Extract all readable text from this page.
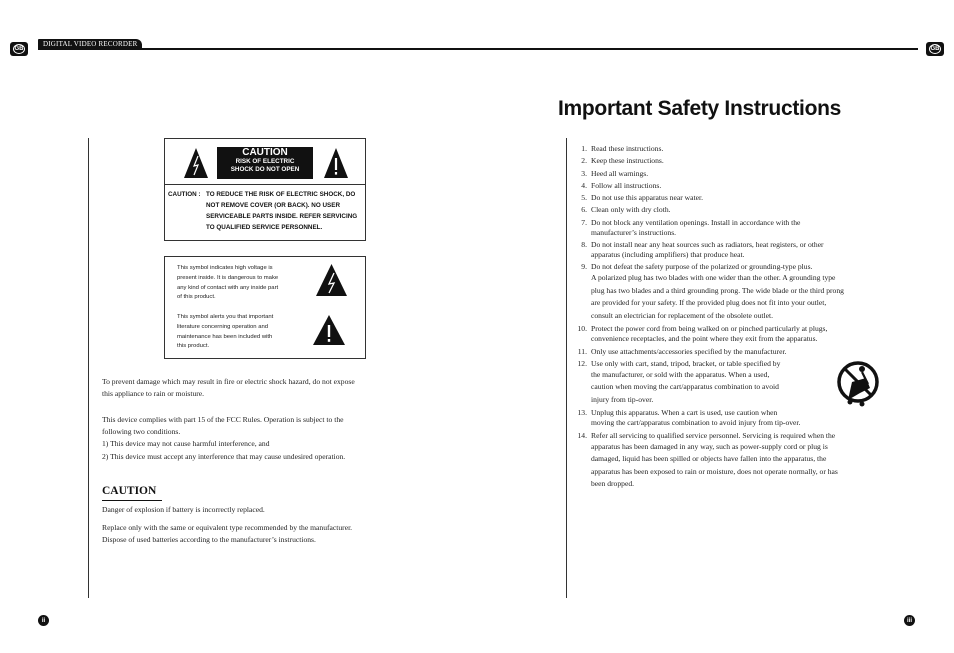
GB	GB
DIGITAL VIDEO RECORDER
CAUTION
RISK OF ELECTRIC
SHOCK DO NOT OPEN
CAUTION : TO REDUCE THE RISK OF ELECTRIC SHOCK, DO
NOT REMOVE COVER (OR BACK). NO USER
SERVICEABLE PARTS INSIDE. REFER SERVICING
TO QUALIFIED SERVICE PERSONNEL.
This symbol indicates high voltage is
present inside. It is dangerous to make
any kind of contact with any inside part
of this product.
This symbol alerts you that important
literature concerning operation and
maintenance has been included with
this product.
To prevent damage which may result in fire or electric shock hazard, do not expose
this appliance to rain or moisture.
This device complies with part 15 of the FCC Rules. Operation is subject to the
following two conditions.
1) This device may not cause harmful interference, and
2) This device must accept any interference that may cause undesired operation.
CAUTION
Danger of explosion if battery is incorrectly replaced.
Replace only with the same or equivalent type recommended by the manufacturer.
Dispose of used batteries according to the manufacturer’s instructions.
ii
Important Safety Instructions
1. Read these instructions.
2. Keep these instructions.
3. Heed all warnings.
4. Follow all instructions.
5. Do not use this apparatus near water.
6. Clean only with dry cloth.
7. Do not block any ventilation openings. Install in accordance with the
manufacturer’s instructions.
8. Do not install near any heat sources such as radiators, heat registers, or other
apparatus (including amplifiers) that produce heat.
9. Do not defeat the safety purpose of the polarized or grounding-type plus.
A polarized plug has two blades with one wider than the other. A grounding type
plug has two blades and a third grounding prong. The wide blade or the third prong
are provided for your safety. If the provided plug does not fit into your outlet,
consult an electrician for replacement of the obsolete outlet.
10. Protect the power cord from being walked on or pinched particularly at plugs,
convenience receptacles, and the point where they exit from the apparatus.
11. Only use attachments/accessories specified by the manufacturer.
12. Use only with cart, stand, tripod, bracket, or table specified by
the manufacturer, or sold with the apparatus. When a used,
caution when moving the cart/apparatus combination to avoid
injury from tip-over.
13. Unplug this apparatus. When a cart is used, use caution when
moving the cart/apparatus combination to avoid injury from tip-over.
14. Refer all servicing to qualified service personnel. Servicing is required when the
apparatus has been damaged in any way, such as power-supply cord or plug is
damaged, liquid has been spilled or objects have fallen into the apparatus, the
apparatus has been exposed to rain or moisture, does not operate normally, or has
been dropped.
iii
